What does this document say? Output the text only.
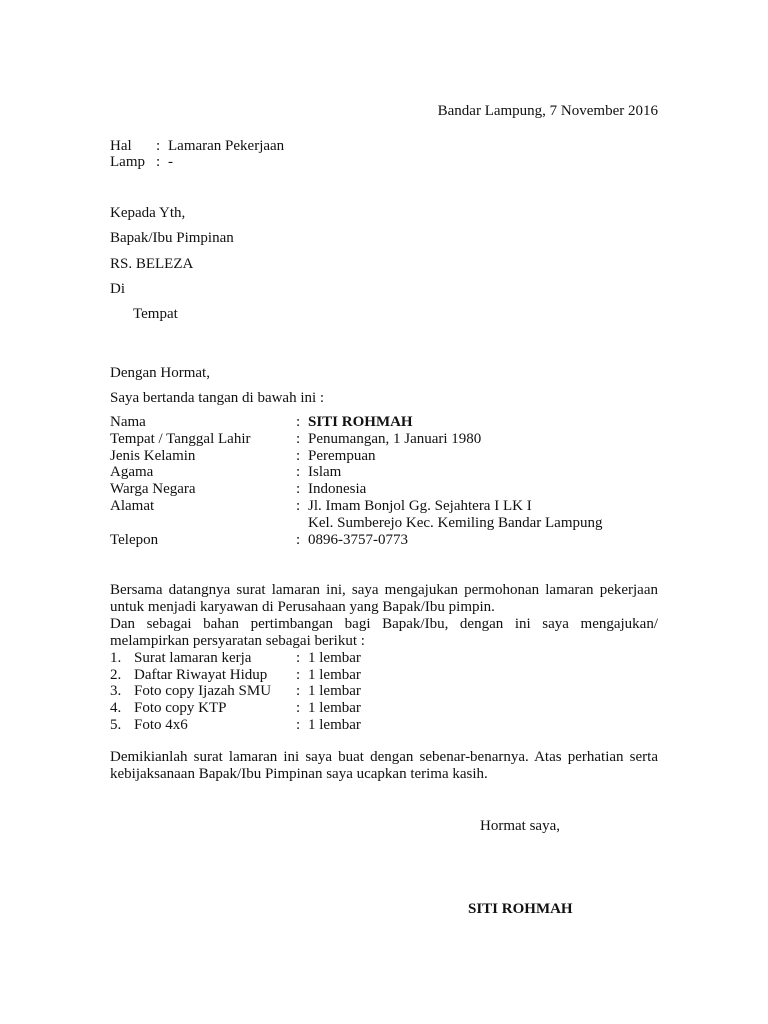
Bandar Lampung, 7 November 2016
Hal : Lamaran Pekerjaan
Lamp : -
Kepada Yth,
Bapak/Ibu Pimpinan
RS. BELEZA
Di
Tempat
Dengan Hormat,
Saya bertanda tangan di bawah ini :
Nama	: SITI ROHMAH
Tempat / Tanggal Lahir	: Penumangan, 1 Januari 1980
Jenis Kelamin	: Perempuan
Agama	: Islam
Warga Negara	: Indonesia
Alamat	: Jl. Imam Bonjol Gg. Sejahtera I LK I
Kel. Sumberejo Kec. Kemiling Bandar Lampung
Telepon	: 0896-3757-0773
Bersama datangnya surat lamaran ini, saya mengajukan permohonan lamaran pekerjaan untuk menjadi karyawan di Perusahaan yang Bapak/Ibu pimpin.
Dan sebagai bahan pertimbangan bagi Bapak/Ibu, dengan ini saya mengajukan/ melampirkan persyaratan sebagai berikut :
1. Surat lamaran kerja	: 1 lembar
2. Daftar Riwayat Hidup	: 1 lembar
3. Foto copy Ijazah SMU	: 1 lembar
4. Foto copy KTP	: 1 lembar
5. Foto 4x6	: 1 lembar
Demikianlah surat lamaran ini saya buat dengan sebenar-benarnya. Atas perhatian serta kebijaksanaan Bapak/Ibu Pimpinan saya ucapkan terima kasih.
Hormat saya,
SITI ROHMAH
